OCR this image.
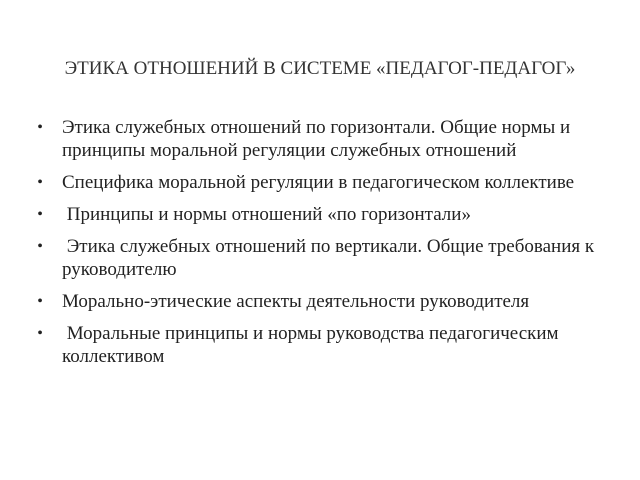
ЭТИКА ОТНОШЕНИЙ В СИСТЕМЕ «ПЕДАГОГ-ПЕДАГОГ»
•	Этика служебных отношений по горизонтали. Общие нормы и принципы моральной регуляции служебных отношений
•	Специфика моральной регуляции в педагогическом коллективе
•	Принципы и нормы отношений «по горизонтали»
•	Этика служебных отношений по вертикали. Общие требования к руководителю
•	Морально-этические аспекты деятельности руководителя
•	Моральные принципы и нормы руководства педагогическим коллективом
